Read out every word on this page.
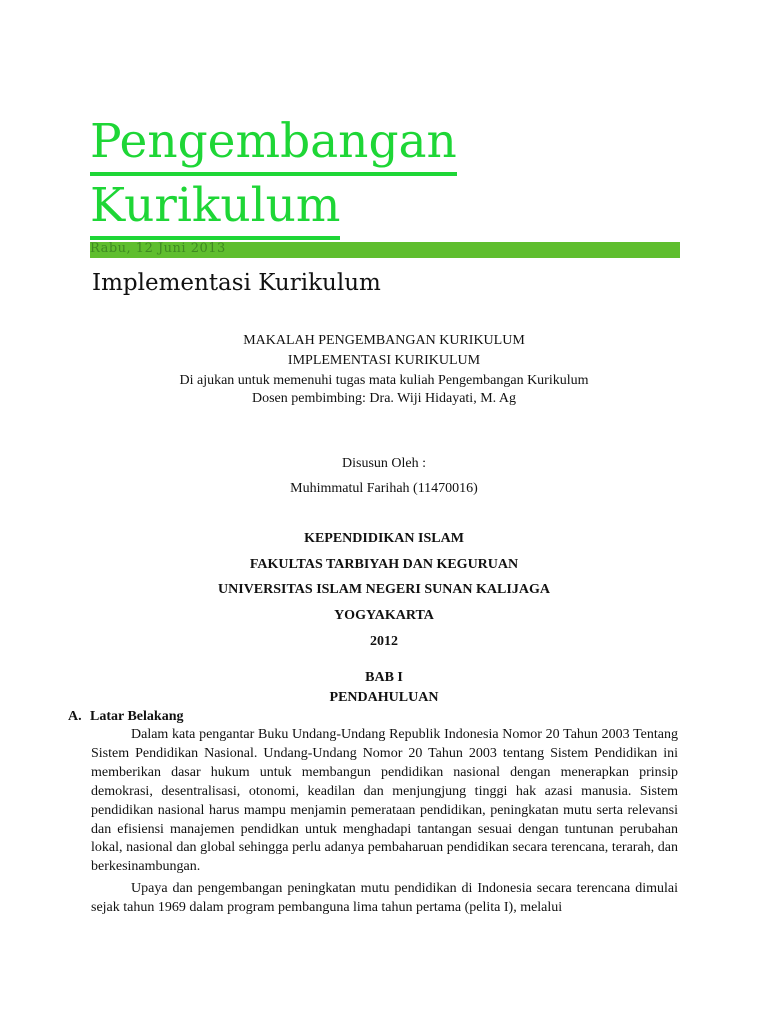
Pengembangan
Kurikulum
Rabu, 12 Juni 2013
Implementasi Kurikulum
MAKALAH PENGEMBANGAN KURIKULUM
IMPLEMENTASI KURIKULUM
Di ajukan untuk memenuhi tugas mata kuliah Pengembangan Kurikulum
Dosen pembimbing: Dra. Wiji Hidayati, M. Ag
Disusun Oleh :
Muhimmatul Farihah (11470016)
KEPENDIDIKAN ISLAM
FAKULTAS TARBIYAH DAN KEGURUAN
UNIVERSITAS ISLAM NEGERI SUNAN KALIJAGA
YOGYAKARTA
2012
BAB I
PENDAHULUAN
A. Latar Belakang

Dalam kata pengantar Buku Undang-Undang Republik Indonesia Nomor 20 Tahun 2003 Tentang Sistem Pendidikan Nasional. Undang-Undang Nomor 20 Tahun 2003 tentang Sistem Pendidikan ini memberikan dasar hukum untuk membangun pendidikan nasional dengan menerapkan prinsip demokrasi, desentralisasi, otonomi, keadilan dan menjungjung tinggi hak azasi manusia. Sistem pendidikan nasional harus mampu menjamin pemerataan pendidikan, peningkatan mutu serta relevansi dan efisiensi manajemen pendidkan untuk menghadapi tantangan sesuai dengan tuntunan perubahan lokal, nasional dan global sehingga perlu adanya pembaharuan pendidikan secara terencana, terarah, dan berkesinambungan.

Upaya dan pengembangan peningkatan mutu pendidikan di Indonesia secara terencana dimulai sejak tahun 1969 dalam program pembanguna lima tahun pertama (pelita I), melalui
